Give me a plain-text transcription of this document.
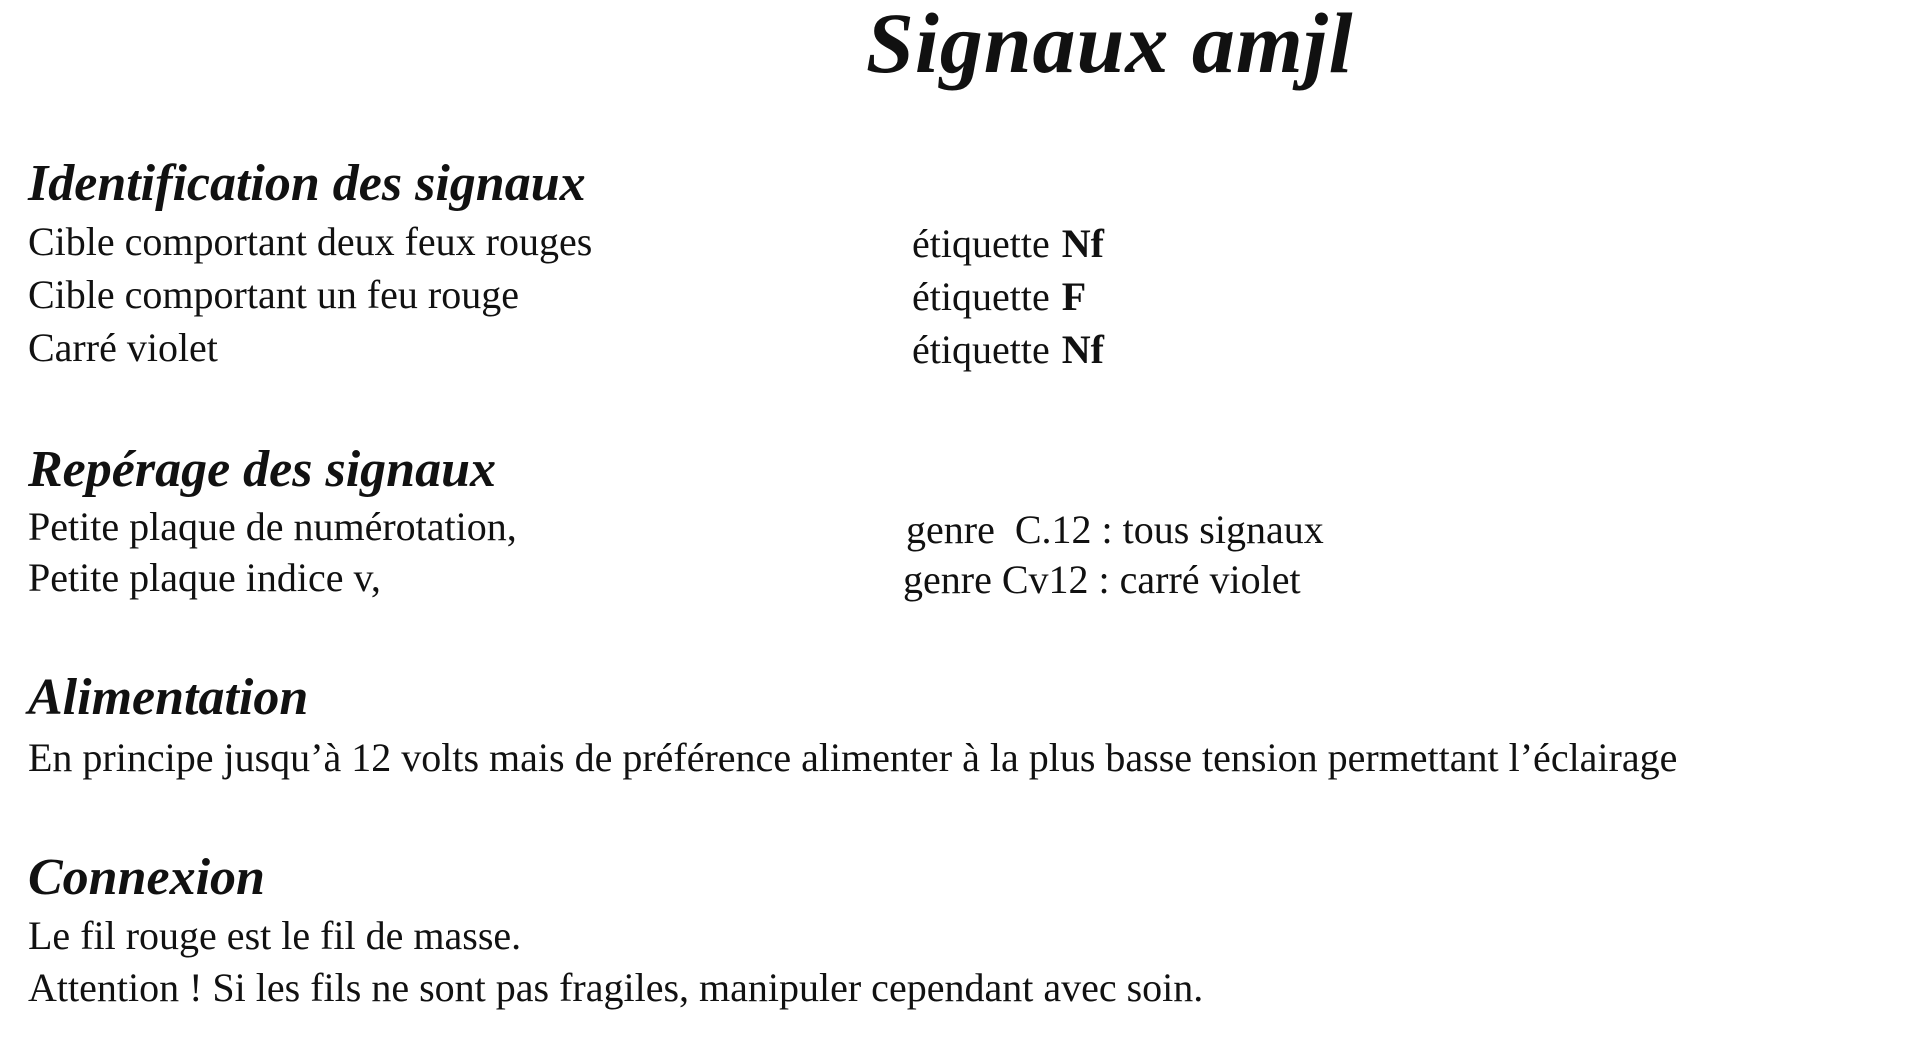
Signaux amjl
Identification des signaux
Cible comportant deux feux rouges	étiquette Nf
Cible comportant un feu rouge	étiquette F
Carré violet	étiquette Nf
Repérage des signaux
Petite plaque de numérotation,	genre  C.12 : tous signaux
Petite plaque indice v,	genre Cv12 : carré violet
Alimentation
En principe jusqu’à 12 volts mais de préférence alimenter à la plus basse tension permettant l’éclairage
Connexion
Le fil rouge est le fil de masse.
Attention ! Si les fils ne sont pas fragiles, manipuler cependant avec soin.
